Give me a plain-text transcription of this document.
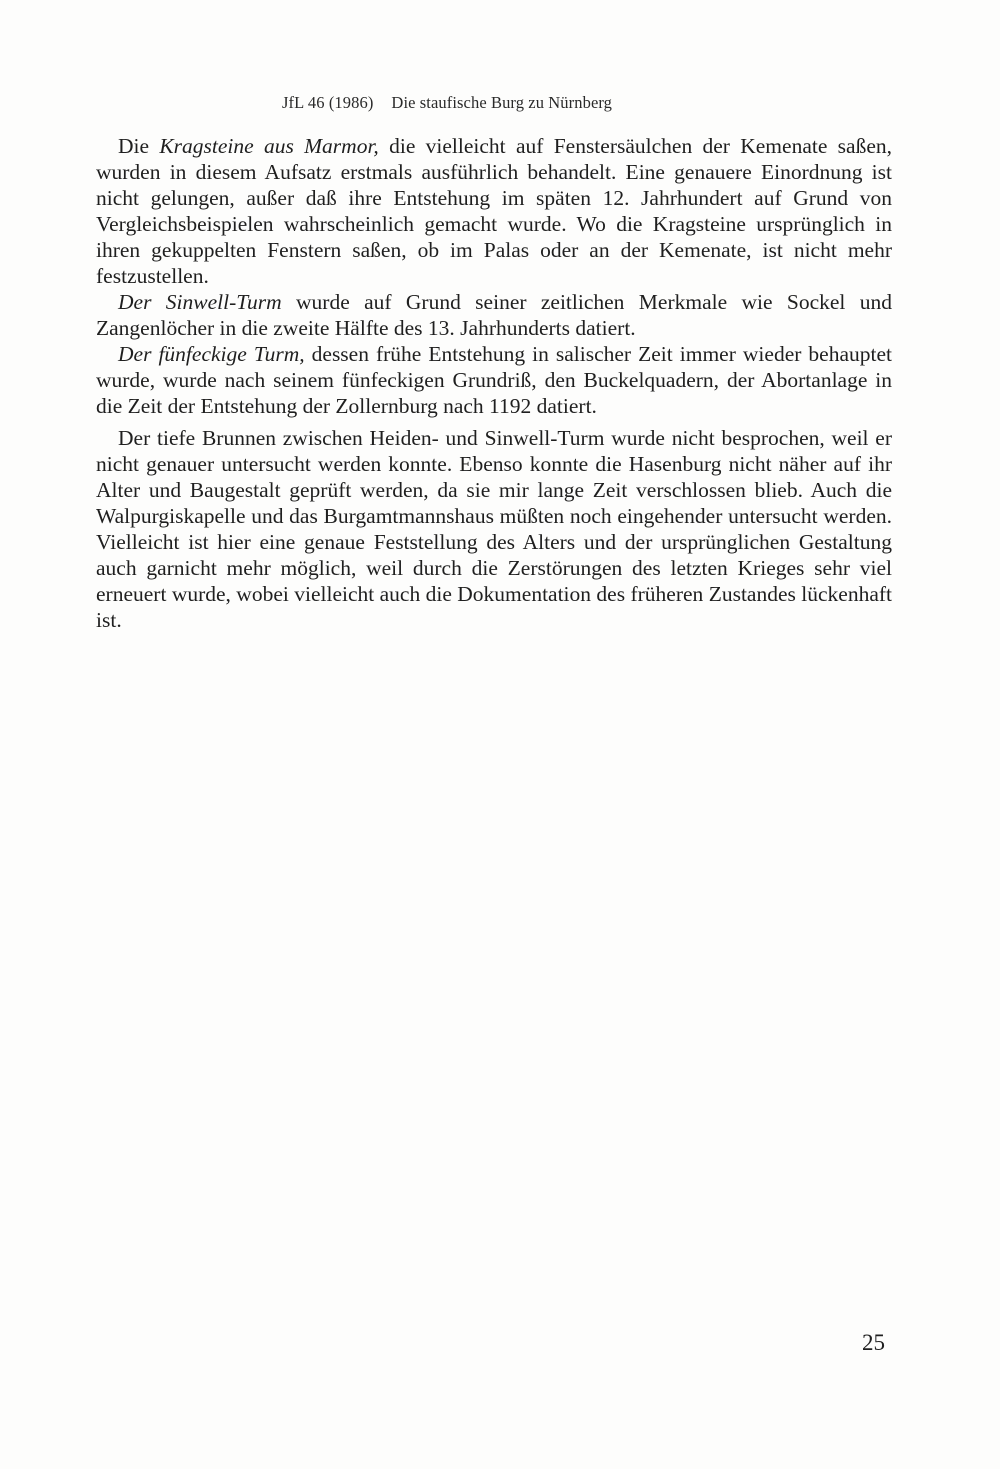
JfL 46 (1986) Die staufische Burg zu Nürnberg

Die Kragsteine aus Marmor, die vielleicht auf Fenstersäulchen der Kemenate saßen, wurden in diesem Aufsatz erstmals ausführlich behandelt. Eine genauere Einordnung ist nicht gelungen, außer daß ihre Entstehung im späten 12. Jahrhundert auf Grund von Vergleichsbeispielen wahrscheinlich gemacht wurde. Wo die Kragsteine ursprünglich in ihren gekuppelten Fenstern saßen, ob im Palas oder an der Kemenate, ist nicht mehr festzustellen.

Der Sinwell-Turm wurde auf Grund seiner zeitlichen Merkmale wie Sockel und Zangenlöcher in die zweite Hälfte des 13. Jahrhunderts datiert.

Der fünfeckige Turm, dessen frühe Entstehung in salischer Zeit immer wieder behauptet wurde, wurde nach seinem fünfeckigen Grundriß, den Buckelquadern, der Abortanlage in die Zeit der Entstehung der Zollernburg nach 1192 datiert.

Der tiefe Brunnen zwischen Heiden- und Sinwell-Turm wurde nicht besprochen, weil er nicht genauer untersucht werden konnte. Ebenso konnte die Hasenburg nicht näher auf ihr Alter und Baugestalt geprüft werden, da sie mir lange Zeit verschlossen blieb. Auch die Walpurgiskapelle und das Burgamtmannshaus müßten noch eingehender untersucht werden. Vielleicht ist hier eine genaue Feststellung des Alters und der ursprünglichen Gestaltung auch garnicht mehr möglich, weil durch die Zerstörungen des letzten Krieges sehr viel erneuert wurde, wobei vielleicht auch die Dokumentation des früheren Zustandes lückenhaft ist.

25
